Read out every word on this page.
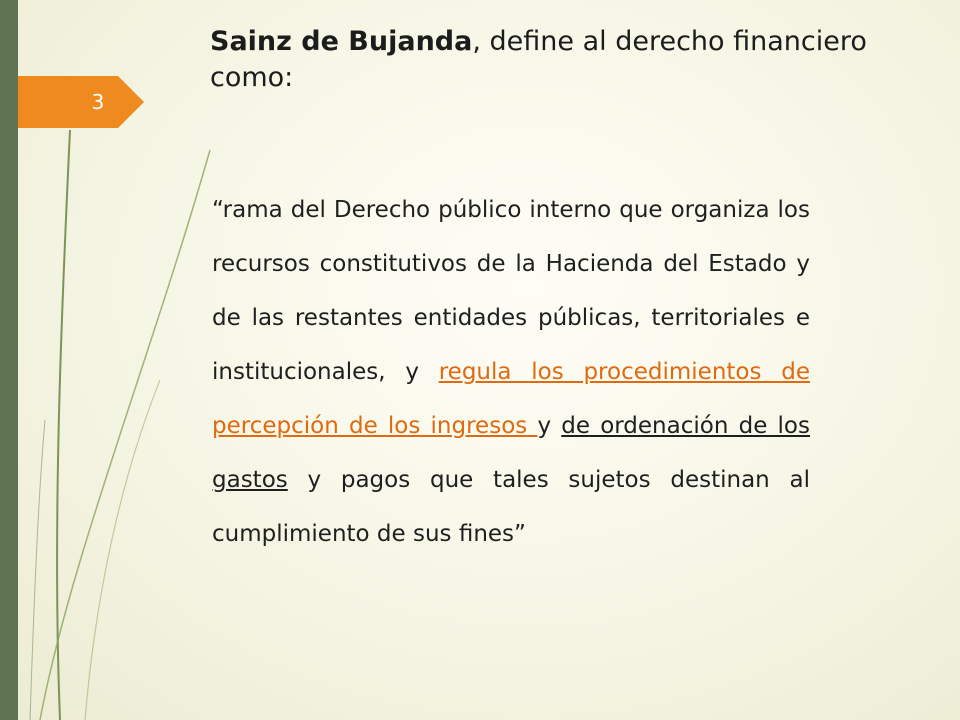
3
Sainz de Bujanda, define al derecho financiero como:

“rama del Derecho público interno que organiza los recursos constitutivos de la Hacienda del Estado y de las restantes entidades públicas, territoriales e institucionales, y regula los procedimientos de percepción de los ingresos y de ordenación de los gastos y pagos que tales sujetos destinan al cumplimiento de sus fines”
